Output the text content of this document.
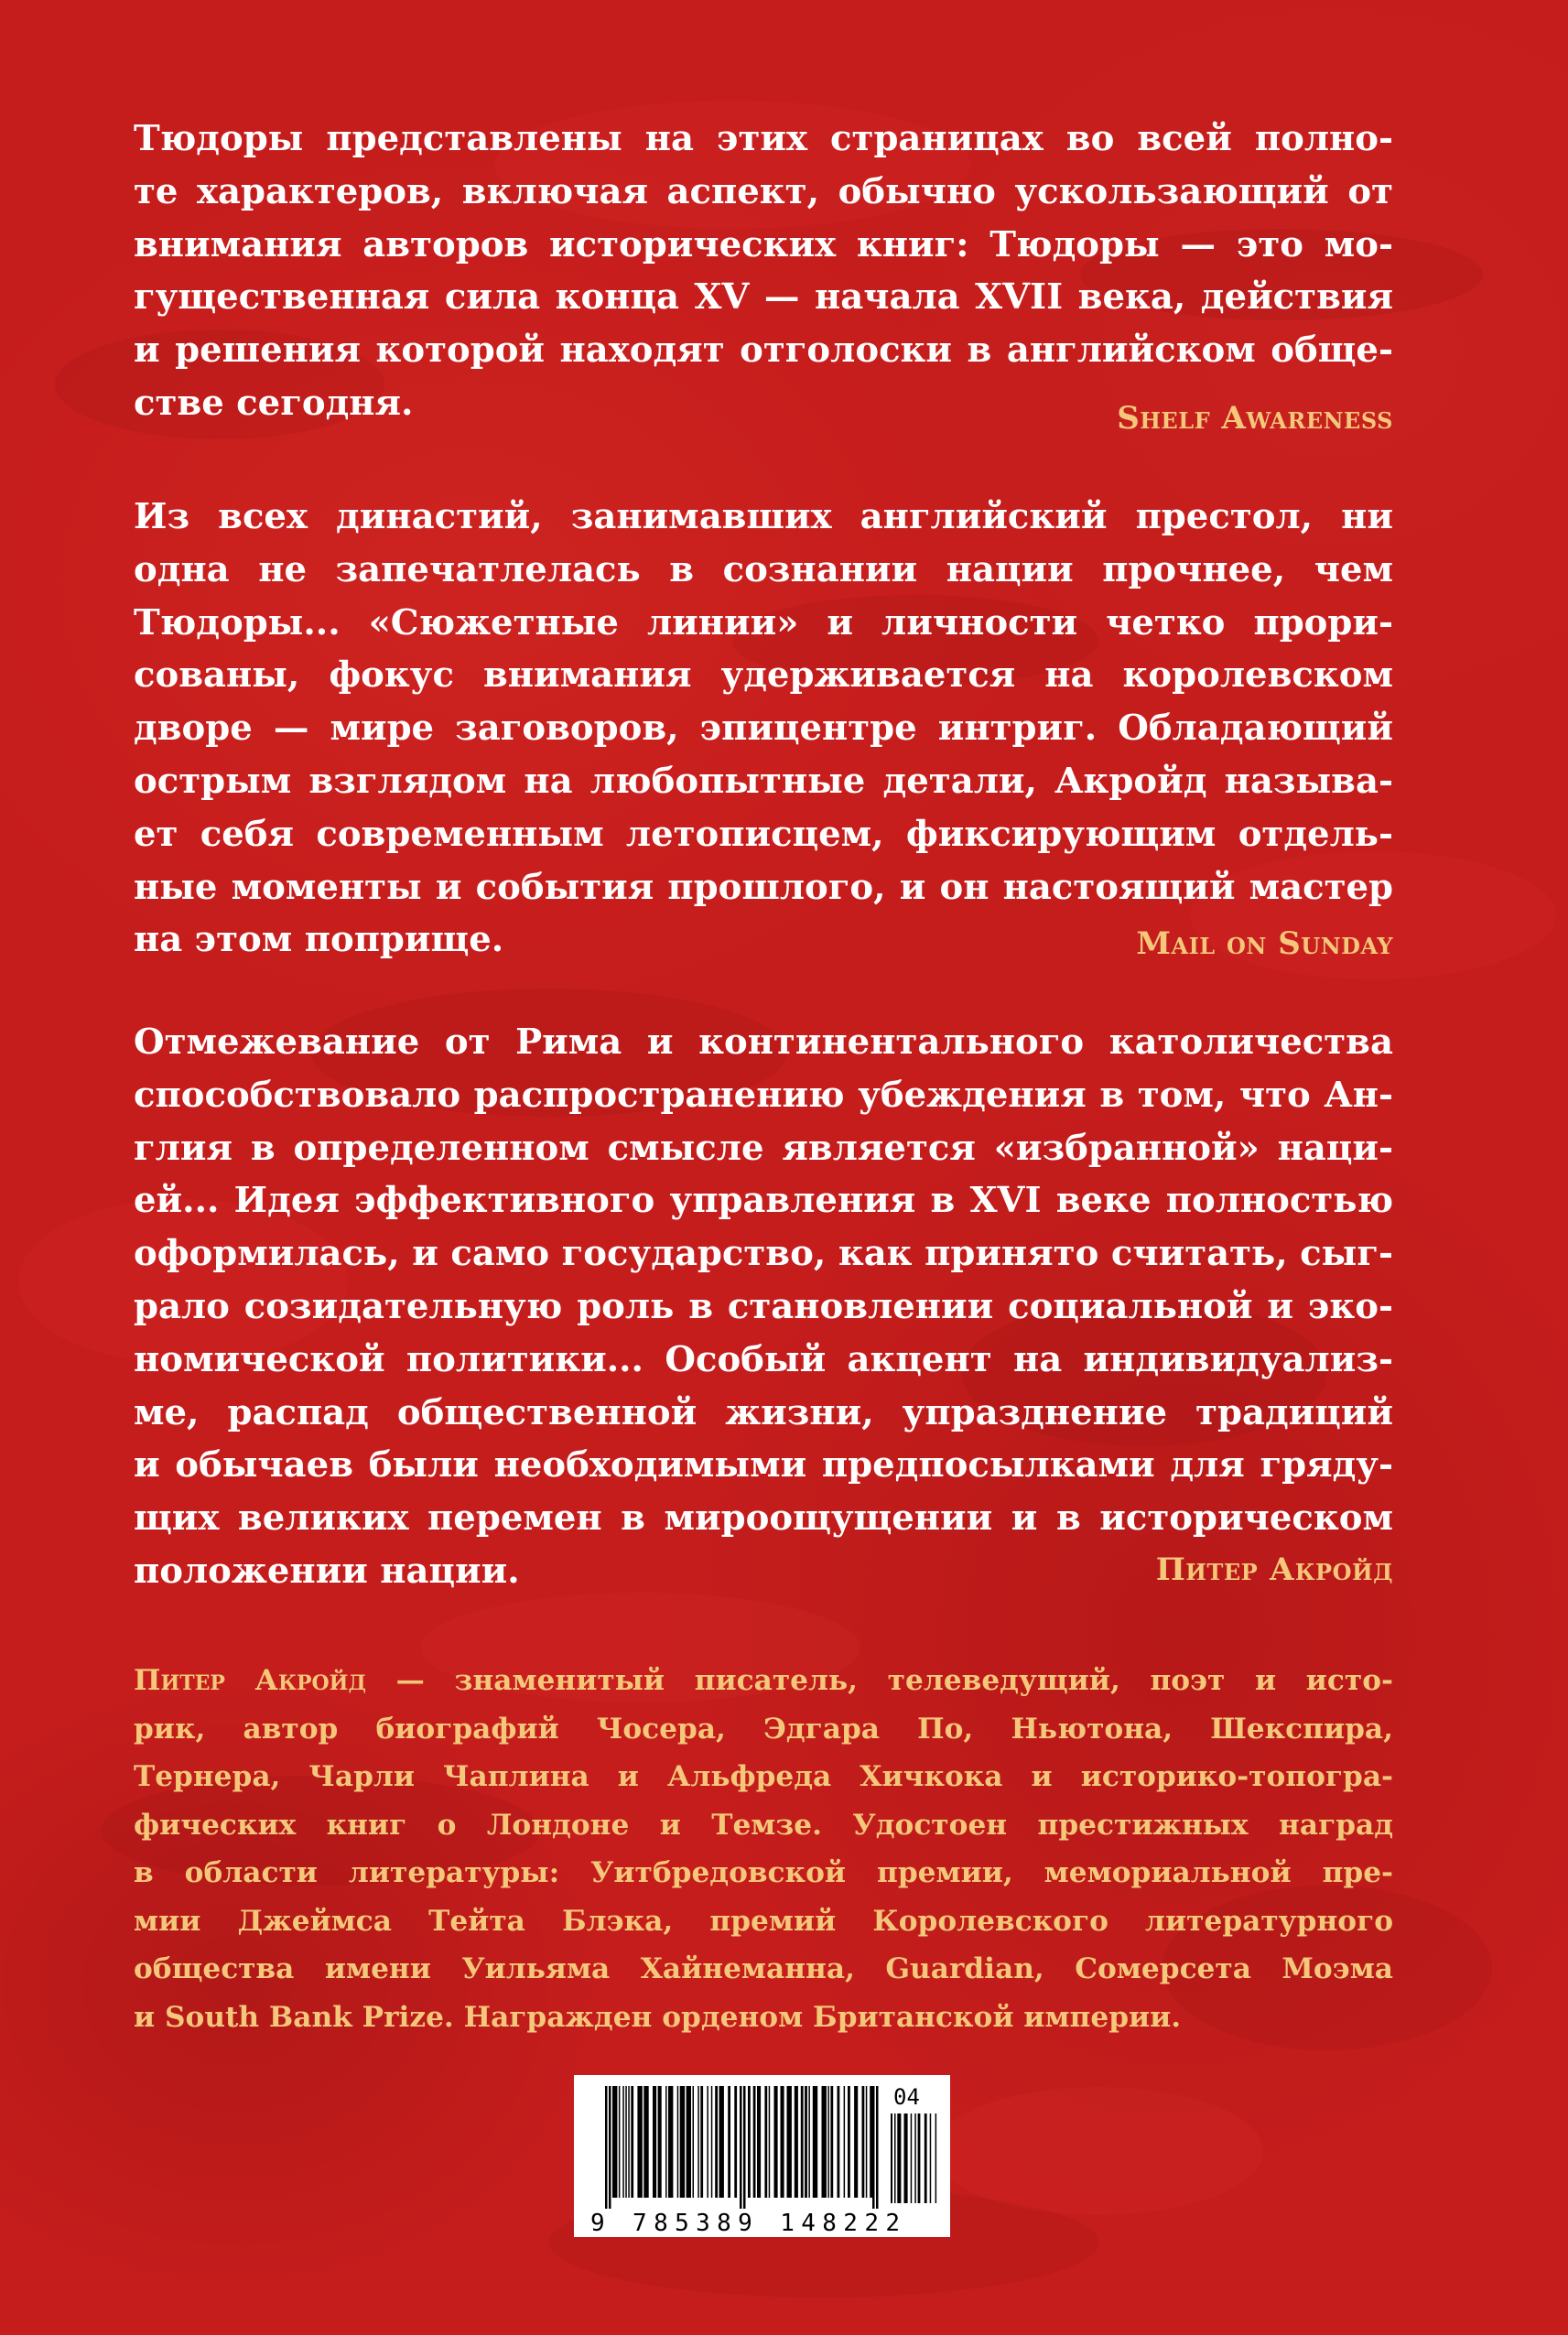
Тюдоры представлены на этих страницах во всей полно-
те характеров, включая аспект, обычно ускользающий от
внимания авторов исторических книг: Тюдоры — это мо-
гущественная сила конца XV — начала XVII века, действия
и решения которой находят отголоски в английском обще-
стве сегодня.	Shelf Awareness
Из всех династий, занимавших английский престол, ни
одна не запечатлелась в сознании нации прочнее, чем
Тюдоры... «Сюжетные линии» и личности четко прори-
сованы, фокус внимания удерживается на королевском
дворе — мире заговоров, эпицентре интриг. Обладающий
острым взглядом на любопытные детали, Акройд называ-
ет себя современным летописцем, фиксирующим отдель-
ные моменты и события прошлого, и он настоящий мастер
на этом поприще.	Mail on Sunday
Отмежевание от Рима и континентального католичества
способствовало распространению убеждения в том, что Ан-
глия в определенном смысле является «избранной» наци-
ей... Идея эффективного управления в XVI веке полностью
оформилась, и само государство, как принято считать, сыг-
рало созидательную роль в становлении социальной и эко-
номической политики... Особый акцент на индивидуализ-
ме, распад общественной жизни, упразднение традиций
и обычаев были необходимыми предпосылками для гряду-
щих великих перемен в мироощущении и в историческом
положении нации.	Питер Акройд
Питер Акройд — знаменитый писатель, телеведущий, поэт и исто-
рик, автор биографий Чосера, Эдгара По, Ньютона, Шекспира,
Тернера, Чарли Чаплина и Альфреда Хичкока и историко-топогра-
фических книг о Лондоне и Темзе. Удостоен престижных наград
в области литературы: Уитбредовской премии, мемориальной пре-
мии Джеймса Тейта Блэка, премий Королевского литературного
общества имени Уильяма Хайнеманна, Guardian, Сомерсета Моэма
и South Bank Prize. Награжден орденом Британской империи.
9 785389 148222
04
